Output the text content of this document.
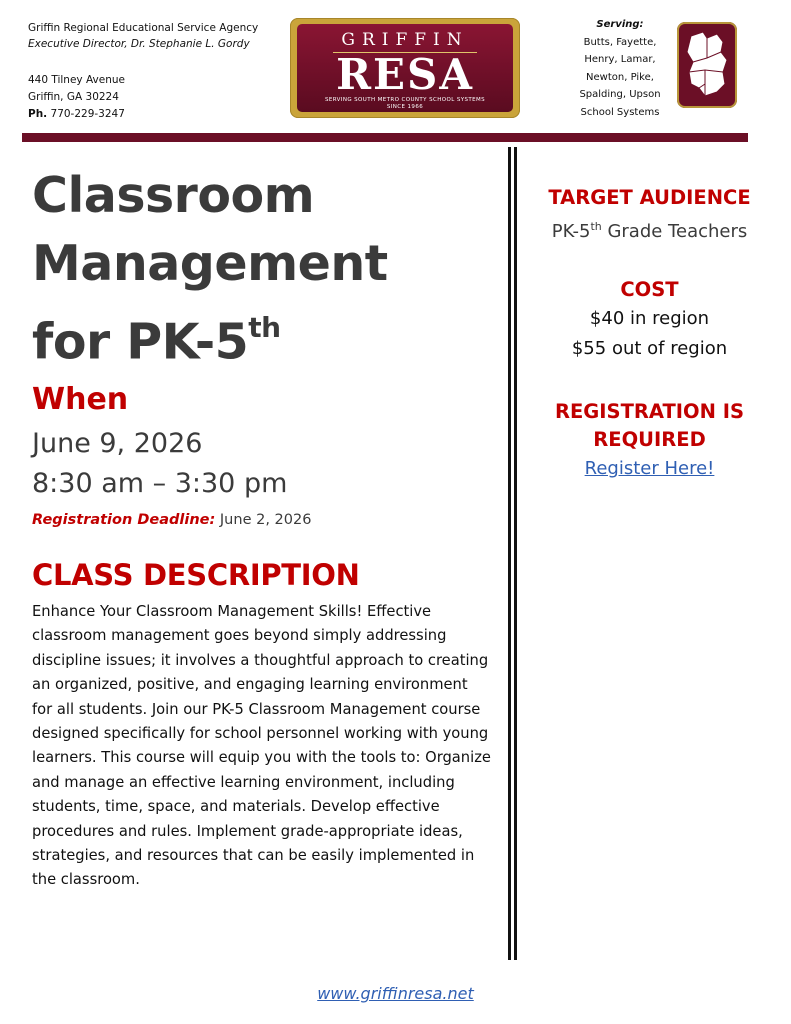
Griffin Regional Educational Service Agency
Executive Director, Dr. Stephanie L. Gordy
440 Tilney Avenue
Griffin, GA 30224
Ph. 770-229-3247
GRIFFIN
RESA
SERVING SOUTH METRO COUNTY SCHOOL SYSTEMS
SINCE 1966
Serving:
Butts, Fayette,
Henry, Lamar,
Newton, Pike,
Spalding, Upson
School Systems
Classroom
Management
for PK-5th
When
June 9, 2026
8:30 am – 3:30 pm
Registration Deadline: June 2, 2026
CLASS DESCRIPTION
Enhance Your Classroom Management Skills! Effective classroom management goes beyond simply addressing discipline issues; it involves a thoughtful approach to creating an organized, positive, and engaging learning environment for all students. Join our PK-5 Classroom Management course designed specifically for school personnel working with young learners. This course will equip you with the tools to: Organize and manage an effective learning environment, including students, time, space, and materials. Develop effective procedures and rules. Implement grade-appropriate ideas, strategies, and resources that can be easily implemented in the classroom.
TARGET AUDIENCE
PK-5th Grade Teachers
COST
$40 in region
$55 out of region
REGISTRATION IS
REQUIRED
Register Here!
www.griffinresa.net
